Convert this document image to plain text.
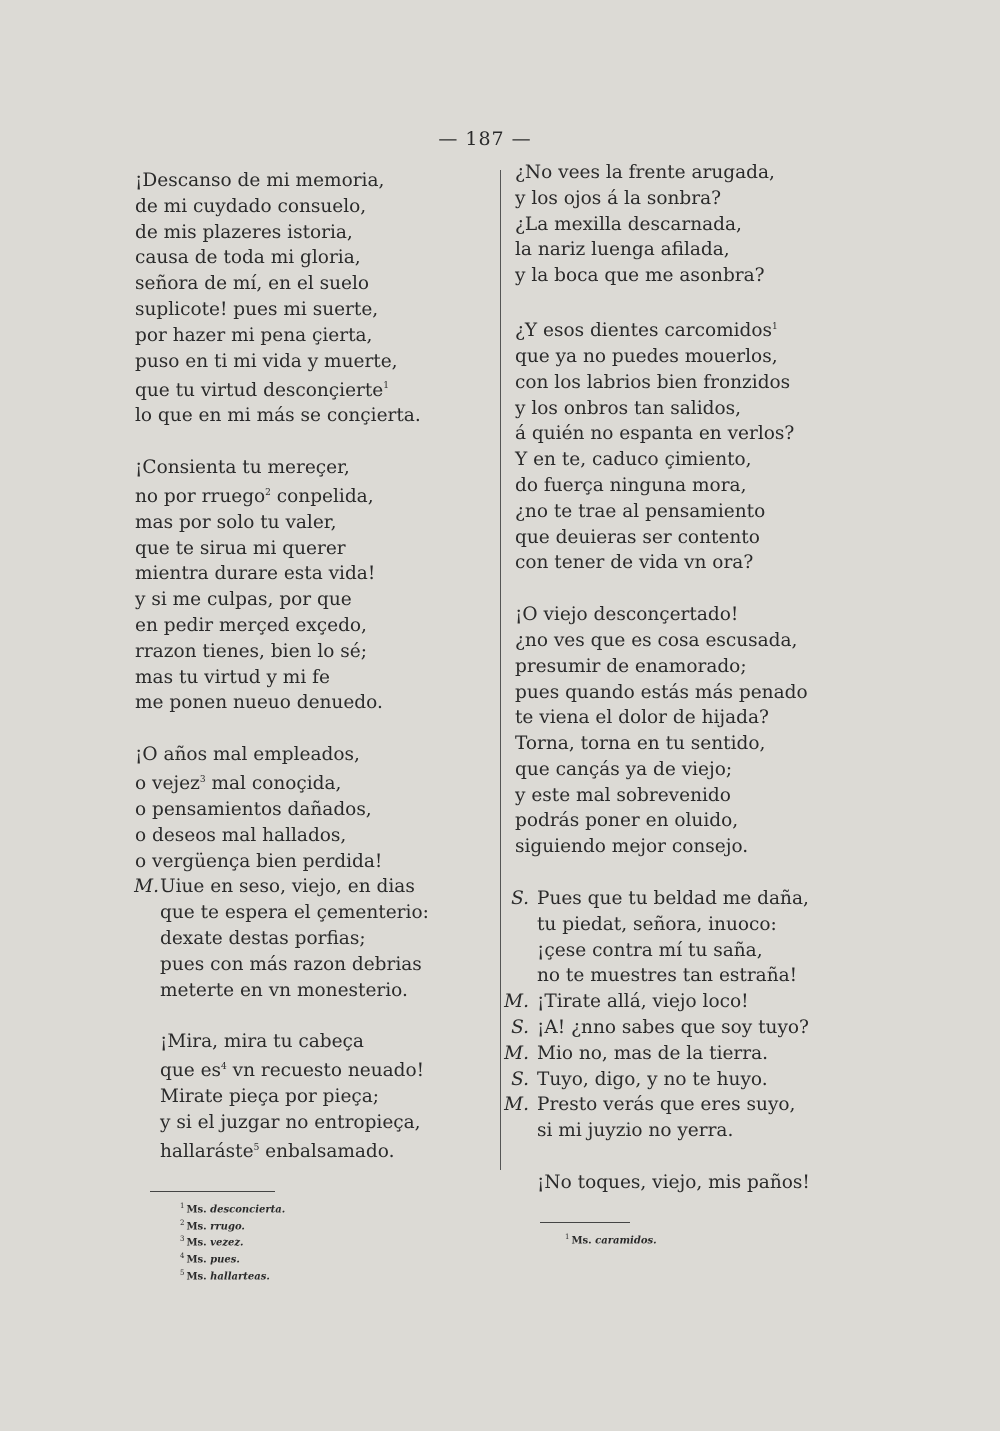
— 187 —
¡Descanso de mi memoria,
de mi cuydado consuelo,
de mis plazeres istoria,
causa de toda mi gloria,
señora de mí, en el suelo
suplicote! pues mi suerte,
por hazer mi pena çierta,
puso en ti mi vida y muerte,
que tu virtud desconçierte$^1$
lo que en mi más se conçierta.
¡Consienta tu mereçer,
no por rruego$^2$ conpelida,
mas por solo tu valer,
que te sirua mi querer
mientra durare esta vida!
y si me culpas, por que
en pedir merçed exçedo,
rrazon tienes, bien lo sé;
mas tu virtud y mi fe
me ponen nueuo denuedo.
¡O años mal empleados,
o vejez$^3$ mal conoçida,
o pensamientos dañados,
o deseos mal hallados,
o vergüença bien perdida!
M. Uiue en seso, viejo, en dias
que te espera el çementerio:
dexate destas porfias;
pues con más razon debrias
meterte en vn monesterio.
¡Mira, mira tu cabeça
que es$^4$ vn recuesto neuado!
Mirate pieça por pieça;
y si el juzgar no entropieça,
hallaráste$^5$ enbalsamado.
$^1$ Ms. desconcierta.
$^2$ Ms. rrugo.
$^3$ Ms. vezez.
$^4$ Ms. pues.
$^5$ Ms. hallarteas.
¿No vees la frente arugada,
y los ojos á la sonbra?
¿La mexilla descarnada,
la nariz luenga afilada,
y la boca que me asonbra?
¿Y esos dientes carcomidos$^1$
que ya no puedes mouerlos,
con los labrios bien fronzidos
y los onbros tan salidos,
á quién no espanta en verlos?
Y en te, caduco çimiento,
do fuerça ninguna mora,
¿no te trae al pensamiento
que deuieras ser contento
con tener de vida vn ora?
¡O viejo desconçertado!
¿no ves que es cosa escusada,
presumir de enamorado;
pues quando estás más penado
te viena el dolor de hijada?
Torna, torna en tu sentido,
que cançás ya de viejo;
y este mal sobrevenido
podrás poner en oluido,
siguiendo mejor consejo.
S. Pues que tu beldad me daña,
tu piedat, señora, inuoco:
¡çese contra mí tu saña,
no te muestres tan estraña!
M. ¡Tirate allá, viejo loco!
S. ¡A! ¿nno sabes que soy tuyo?
M. Mio no, mas de la tierra.
S. Tuyo, digo, y no te huyo.
M. Presto verás que eres suyo,
si mi juyzio no yerra.
¡No toques, viejo, mis paños!
$^1$ Ms. caramidos.
